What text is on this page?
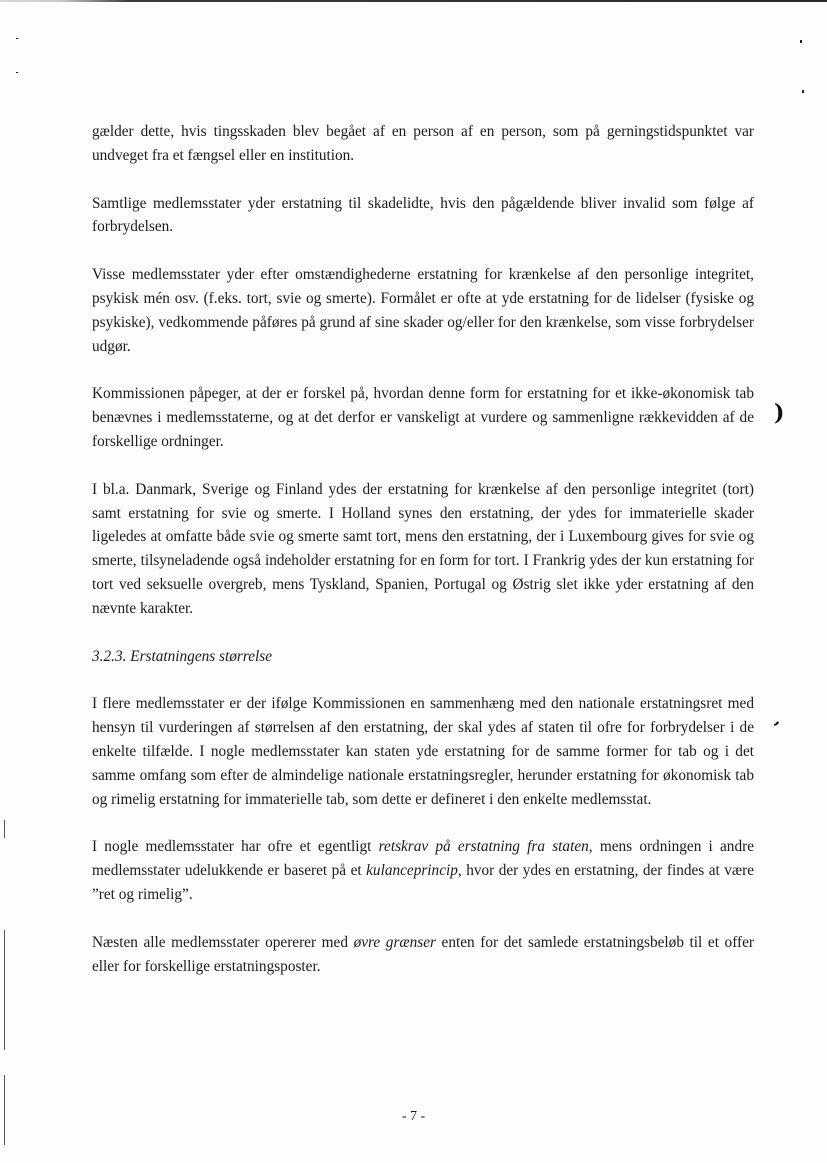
)
’

gælder dette, hvis tingsskaden blev begået af en person af en person, som på gerningstidspunktet var undveget fra et fængsel eller en institution.

Samtlige medlemsstater yder erstatning til skadelidte, hvis den pågældende bliver invalid som følge af forbrydelsen.

Visse medlemsstater yder efter omstændighederne erstatning for krænkelse af den personlige integritet, psykisk mén osv. (f.eks. tort, svie og smerte). Formålet er ofte at yde erstatning for de lidelser (fysiske og psykiske), vedkommende påføres på grund af sine skader og/eller for den krænkelse, som visse forbrydelser udgør.

Kommissionen påpeger, at der er forskel på, hvordan denne form for erstatning for et ikke-økonomisk tab benævnes i medlemsstaterne, og at det derfor er vanskeligt at vurdere og sammenligne rækkevidden af de forskellige ordninger.

I bl.a. Danmark, Sverige og Finland ydes der erstatning for krænkelse af den personlige integritet (tort) samt erstatning for svie og smerte. I Holland synes den erstatning, der ydes for immaterielle skader ligeledes at omfatte både svie og smerte samt tort, mens den erstatning, der i Luxembourg gives for svie og smerte, tilsyneladende også indeholder erstatning for en form for tort. I Frankrig ydes der kun erstatning for tort ved seksuelle overgreb, mens Tyskland, Spanien, Portugal og Østrig slet ikke yder erstatning af den nævnte karakter.

3.2.3. Erstatningens størrelse

I flere medlemsstater er der ifølge Kommissionen en sammenhæng med den nationale erstatningsret med hensyn til vurderingen af størrelsen af den erstatning, der skal ydes af staten til ofre for forbrydelser i de enkelte tilfælde. I nogle medlemsstater kan staten yde erstatning for de samme former for tab og i det samme omfang som efter de almindelige nationale erstatningsregler, herunder erstatning for økonomisk tab og rimelig erstatning for immaterielle tab, som dette er defineret i den enkelte medlemsstat.

I nogle medlemsstater har ofre et egentligt retskrav på erstatning fra staten, mens ordningen i andre medlemsstater udelukkende er baseret på et kulanceprincip, hvor der ydes en erstatning, der findes at være ”ret og rimelig”.

Næsten alle medlemsstater opererer med øvre grænser enten for det samlede erstatningsbeløb til et offer eller for forskellige erstatningsposter.

- 7 -
